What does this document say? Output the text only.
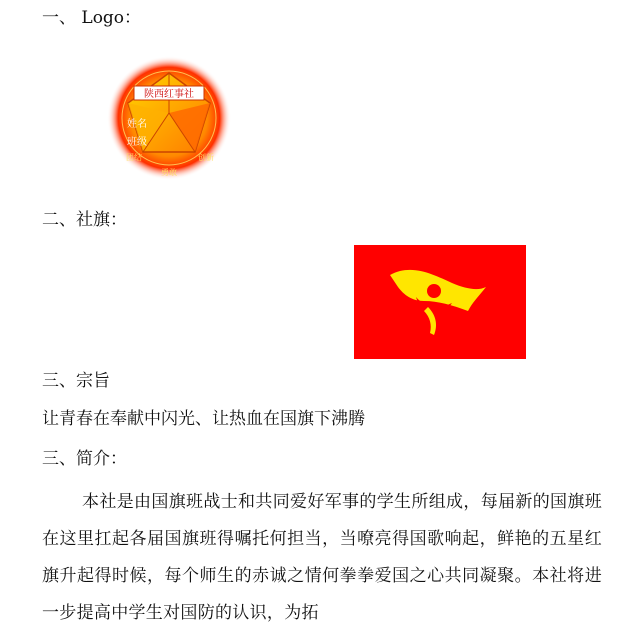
一、 Logo：
陕西红事社
姓名
班级
团结
勇敢
创新
二、社旗：
三、宗旨
让青春在奉献中闪光、让热血在国旗下沸腾
三、简介：
本社是由国旗班战士和共同爱好军事的学生所组成，每届新的国旗班在这里扛起各届国旗班得嘱托何担当，当嘹亮得国歌响起，鲜艳的五星红旗升起得时候，每个师生的赤诚之情何拳拳爱国之心共同凝聚。本社将进一步提高中学生对国防的认识，为拓
